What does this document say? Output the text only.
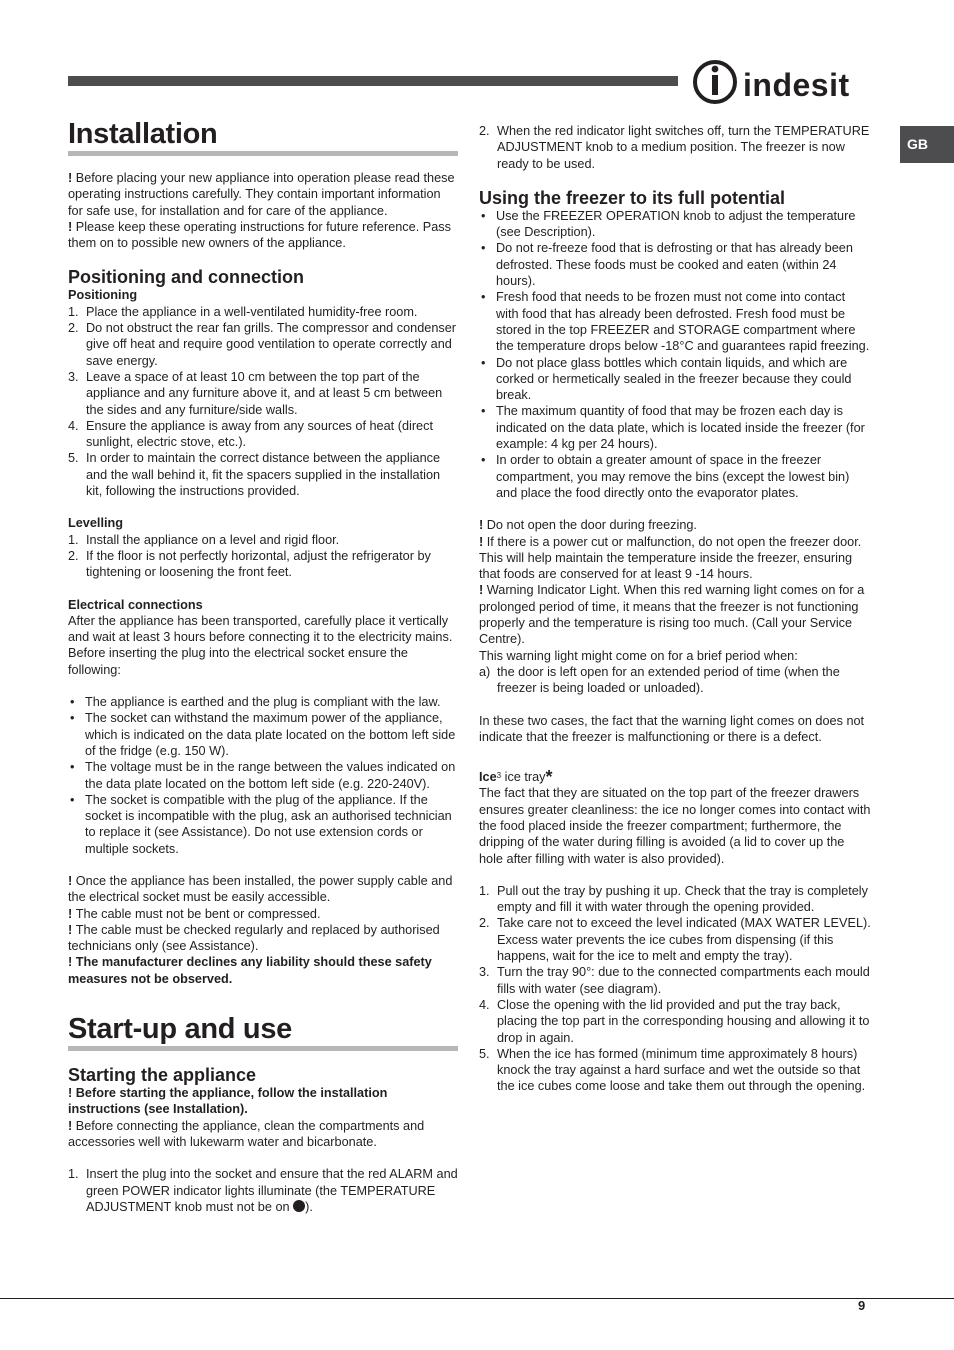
indesit
GB
Installation

! Before placing your new appliance into operation please read these operating instructions carefully. They contain important information for safe use, for installation and for care of the appliance.

! Please keep these operating instructions for future reference. Pass them on to possible new owners of the appliance.

Positioning and connection
Positioning
1. Place the appliance in a well-ventilated humidity-free room.
2. Do not obstruct the rear fan grills. The compressor and condenser give off heat and require good ventilation to operate correctly and save energy.
3. Leave a space of at least 10 cm between the top part of the appliance and any furniture above it, and at least 5 cm between the sides and any furniture/side walls.
4. Ensure the appliance is away from any sources of heat (direct sunlight, electric stove, etc.).
5. In order to maintain the correct distance between the appliance and the wall behind it, fit the spacers supplied in the installation kit, following the instructions provided.
Levelling
1. Install the appliance on a level and rigid floor.
2. If the floor is not perfectly horizontal, adjust the refrigerator by tightening or loosening the front feet.
Electrical connections

After the appliance has been transported, carefully place it vertically and wait at least 3 hours before connecting it to the electricity mains. Before inserting the plug into the electrical socket ensure the following:

• The appliance is earthed and the plug is compliant with the law.
• The socket can withstand the maximum power of the appliance, which is indicated on the data plate located on the bottom left side of the fridge (e.g. 150 W).
• The voltage must be in the range between the values indicated on the data plate located on the bottom left side (e.g. 220-240V).
• The socket is compatible with the plug of the appliance. If the socket is incompatible with the plug, ask an authorised technician to replace it (see Assistance). Do not use extension cords or multiple sockets.

! Once the appliance has been installed, the power supply cable and the electrical socket must be easily accessible.

! The cable must not be bent or compressed.

! The cable must be checked regularly and replaced by authorised technicians only (see Assistance).

! The manufacturer declines any liability should these safety measures not be observed.

Start-up and use
Starting the appliance

! Before starting the appliance, follow the installation instructions (see Installation).

! Before connecting the appliance, clean the compartments and accessories well with lukewarm water and bicarbonate.

1. Insert the plug into the socket and ensure that the red ALARM and green POWER indicator lights illuminate (the TEMPERATURE ADJUSTMENT knob must not be on ).
2. When the red indicator light switches off, turn the TEMPERATURE ADJUSTMENT knob to a medium position. The freezer is now ready to be used.
Using the freezer to its full potential
• Use the FREEZER OPERATION knob to adjust the temperature (see Description).
• Do not re-freeze food that is defrosting or that has already been defrosted. These foods must be cooked and eaten (within 24 hours).
• Fresh food that needs to be frozen must not come into contact with food that has already been defrosted. Fresh food must be stored in the top FREEZER and STORAGE compartment where the temperature drops below -18°C and guarantees rapid freezing.
• Do not place glass bottles which contain liquids, and which are corked or hermetically sealed in the freezer because they could break.
• The maximum quantity of food that may be frozen each day is indicated on the data plate, which is located inside the freezer (for example: 4 kg per 24 hours).
• In order to obtain a greater amount of space in the freezer compartment, you may remove the bins (except the lowest bin) and place the food directly onto the evaporator plates.

! Do not open the door during freezing.

! If there is a power cut or malfunction, do not open the freezer door. This will help maintain the temperature inside the freezer, ensuring that foods are conserved for at least 9 -14 hours.

! Warning Indicator Light. When this red warning light comes on for a prolonged period of time, it means that the freezer is not functioning properly and the temperature is rising too much. (Call your Service Centre).

This warning light might come on for a brief period when:

a) the door is left open for an extended period of time (when the freezer is being loaded or unloaded).

In these two cases, the fact that the warning light comes on does not indicate that the freezer is malfunctioning or there is a defect.

Ice$^3$ ice tray*

The fact that they are situated on the top part of the freezer drawers ensures greater cleanliness: the ice no longer comes into contact with the food placed inside the freezer compartment; furthermore, the dripping of the water during filling is avoided (a lid to cover up the hole after filling with water is also provided).

1. Pull out the tray by pushing it up. Check that the tray is completely empty and fill it with water through the opening provided.
2. Take care not to exceed the level indicated (MAX WATER LEVEL). Excess water prevents the ice cubes from dispensing (if this happens, wait for the ice to melt and empty the tray).
3. Turn the tray 90°: due to the connected compartments each mould fills with water (see diagram).
4. Close the opening with the lid provided and put the tray back, placing the top part in the corresponding housing and allowing it to drop in again.
5. When the ice has formed (minimum time approximately 8 hours) knock the tray against a hard surface and wet the outside so that the ice cubes come loose and take them out through the opening.
9
